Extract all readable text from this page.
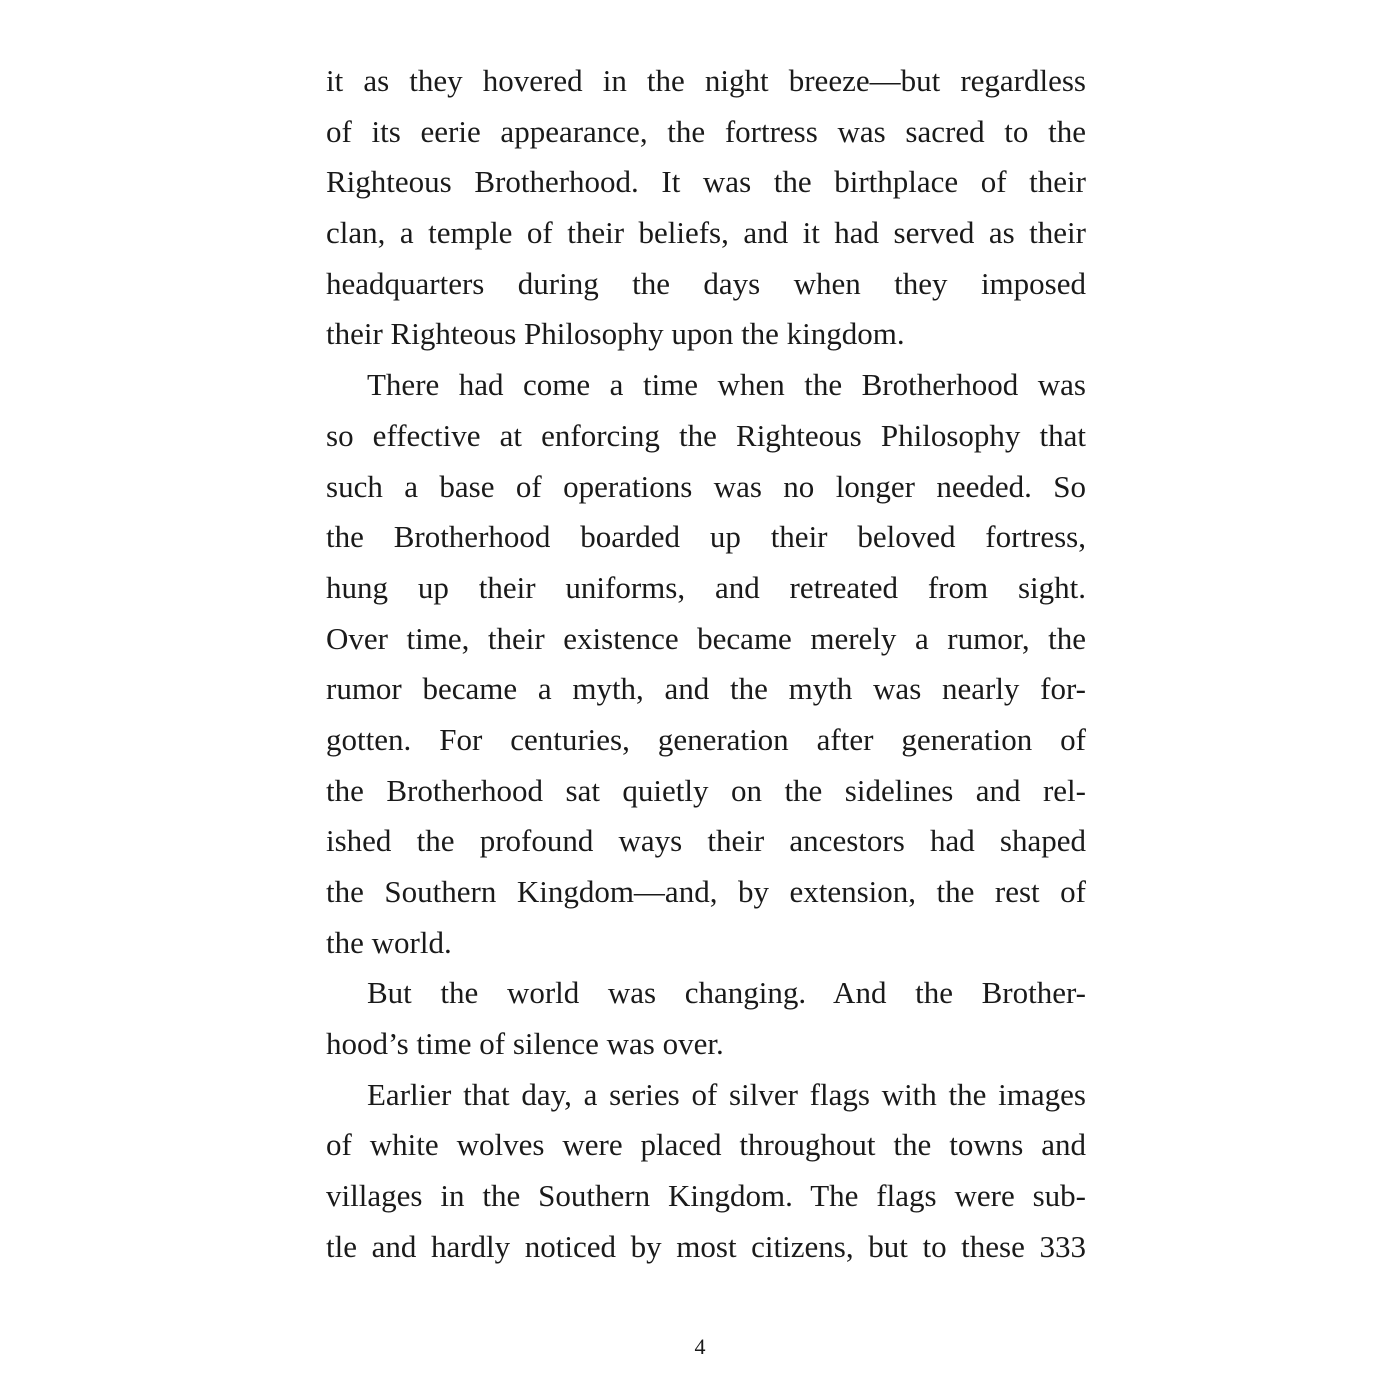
it as they hovered in the night breeze—but regardless
of its eerie appearance, the fortress was sacred to the
Righteous Brotherhood. It was the birthplace of their
clan, a temple of their beliefs, and it had served as their
headquarters during the days when they imposed
their Righteous Philosophy upon the kingdom.
There had come a time when the Brotherhood was
so effective at enforcing the Righteous Philosophy that
such a base of operations was no longer needed. So
the Brotherhood boarded up their beloved fortress,
hung up their uniforms, and retreated from sight.
Over time, their existence became merely a rumor, the
rumor became a myth, and the myth was nearly for-
gotten. For centuries, generation after generation of
the Brotherhood sat quietly on the sidelines and rel-
ished the profound ways their ancestors had shaped
the Southern Kingdom—and, by extension, the rest of
the world.
But the world was changing. And the Brother-
hood’s time of silence was over.
Earlier that day, a series of silver flags with the images
of white wolves were placed throughout the towns and
villages in the Southern Kingdom. The flags were sub-
tle and hardly noticed by most citizens, but to these 333
4
